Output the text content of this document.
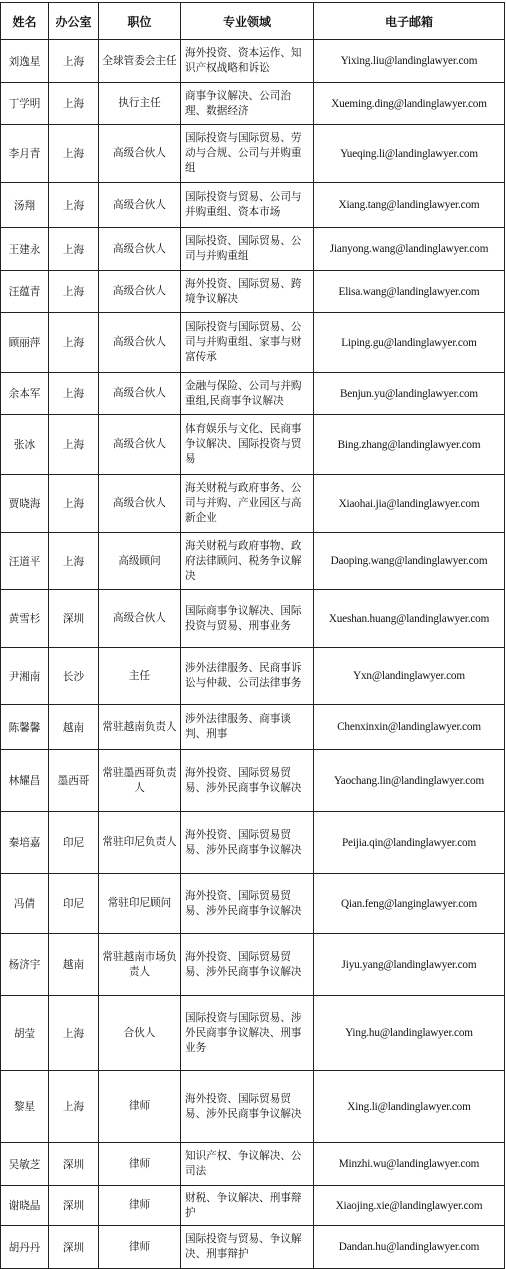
姓名	办公室	职位	专业领域	电子邮箱
刘逸星	上海	全球管委会主任	海外投资、资本运作、知识产权战略和诉讼	Yixing.liu@landinglawyer.com
丁学明	上海	执行主任	商事争议解决、公司治理、数据经济	Xueming.ding@landinglawyer.com
李月青	上海	高级合伙人	国际投资与国际贸易、劳动与合规、公司与并购重组	Yueqing.li@landinglawyer.com
汤翔	上海	高级合伙人	国际投资与贸易、公司与并购重组、资本市场	Xiang.tang@landinglawyer.com
王建永	上海	高级合伙人	国际投资、国际贸易、公司与并购重组	Jianyong.wang@landinglawyer.com
汪蕴青	上海	高级合伙人	海外投资、国际贸易、跨境争议解决	Elisa.wang@landinglawyer.com
顾丽萍	上海	高级合伙人	国际投资与国际贸易、公司与并购重组、家事与财富传承	Liping.gu@landinglawyer.com
余本军	上海	高级合伙人	金融与保险、公司与并购重组,民商事争议解决	Benjun.yu@landinglawyer.com
张冰	上海	高级合伙人	体育娱乐与文化、民商事争议解决、国际投资与贸易	Bing.zhang@landinglawyer.com
贾晓海	上海	高级合伙人	海关财税与政府事务、公司与并购、产业园区与高新企业	Xiaohai.jia@landinglawyer.com
汪道平	上海	高级顾问	海关财税与政府事物、政府法律顾问、税务争议解决	Daoping.wang@landinglawyer.com
黄雪杉	深圳	高级合伙人	国际商事争议解决、国际投资与贸易、刑事业务	Xueshan.huang@landinglawyer.com
尹湘南	长沙	主任	涉外法律服务、民商事诉讼与仲裁、公司法律事务	Yxn@landinglawyer.com
陈馨馨	越南	常驻越南负责人	涉外法律服务、商事谈判、刑事	Chenxinxin@landinglawyer.com
林耀昌	墨西哥	常驻墨西哥负责人	海外投资、国际贸易贸易、涉外民商事争议解决	Yaochang.lin@landinglawyer.com
秦培嘉	印尼	常驻印尼负责人	海外投资、国际贸易贸易、涉外民商事争议解决	Peijia.qin@landinglawyer.com
冯倩	印尼	常驻印尼顾问	海外投资、国际贸易贸易、涉外民商事争议解决	Qian.feng@langinglawyer.com
杨济宇	越南	常驻越南市场负责人	海外投资、国际贸易贸易、涉外民商事争议解决	Jiyu.yang@landinglawyer.com
胡莹	上海	合伙人	国际投资与国际贸易、涉外民商事争议解决、刑事业务	Ying.hu@landinglawyer.com
黎星	上海	律师	海外投资、国际贸易贸易、涉外民商事争议解决	Xing.li@landinglawyer.com
吴敏芝	深圳	律师	知识产权、争议解决、公司法	Minzhi.wu@landinglawyer.com
谢晓晶	深圳	律师	财税、争议解决、刑事辩护	Xiaojing.xie@landinglawyer.com
胡丹丹	深圳	律师	国际投资与贸易、争议解决、刑事辩护	Dandan.hu@landinglawyer.com
